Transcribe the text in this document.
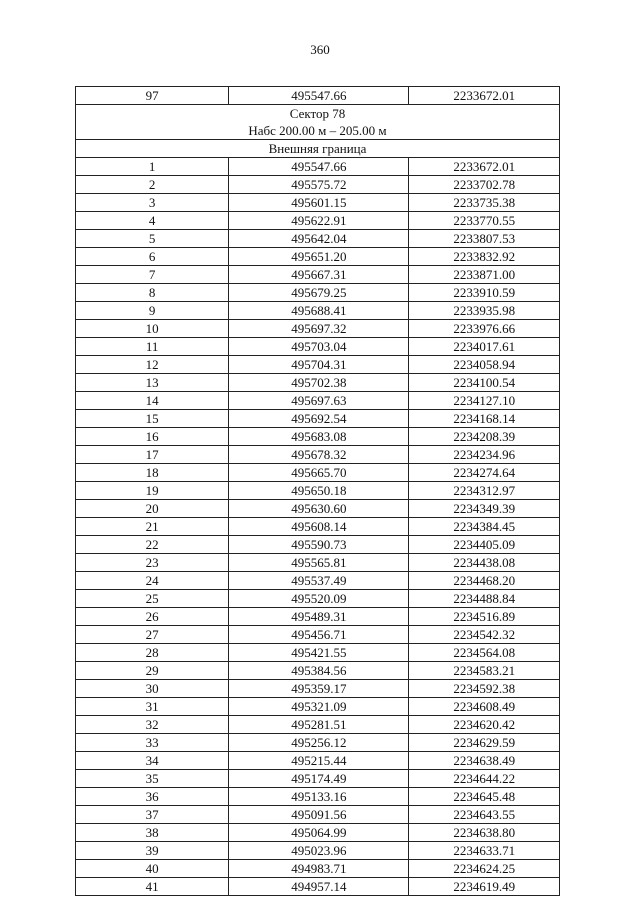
360
97	495547.66	2233672.01

Сектор 78
Набс 200.00 м – 205.00 м		

Внешняя граница		
1	495547.66	2233672.01
2	495575.72	2233702.78
3	495601.15	2233735.38
4	495622.91	2233770.55
5	495642.04	2233807.53
6	495651.20	2233832.92
7	495667.31	2233871.00
8	495679.25	2233910.59
9	495688.41	2233935.98
10	495697.32	2233976.66
11	495703.04	2234017.61
12	495704.31	2234058.94
13	495702.38	2234100.54
14	495697.63	2234127.10
15	495692.54	2234168.14
16	495683.08	2234208.39
17	495678.32	2234234.96
18	495665.70	2234274.64
19	495650.18	2234312.97
20	495630.60	2234349.39
21	495608.14	2234384.45
22	495590.73	2234405.09
23	495565.81	2234438.08
24	495537.49	2234468.20
25	495520.09	2234488.84
26	495489.31	2234516.89
27	495456.71	2234542.32
28	495421.55	2234564.08
29	495384.56	2234583.21
30	495359.17	2234592.38
31	495321.09	2234608.49
32	495281.51	2234620.42
33	495256.12	2234629.59
34	495215.44	2234638.49
35	495174.49	2234644.22
36	495133.16	2234645.48
37	495091.56	2234643.55
38	495064.99	2234638.80
39	495023.96	2234633.71
40	494983.71	2234624.25
41	494957.14	2234619.49
